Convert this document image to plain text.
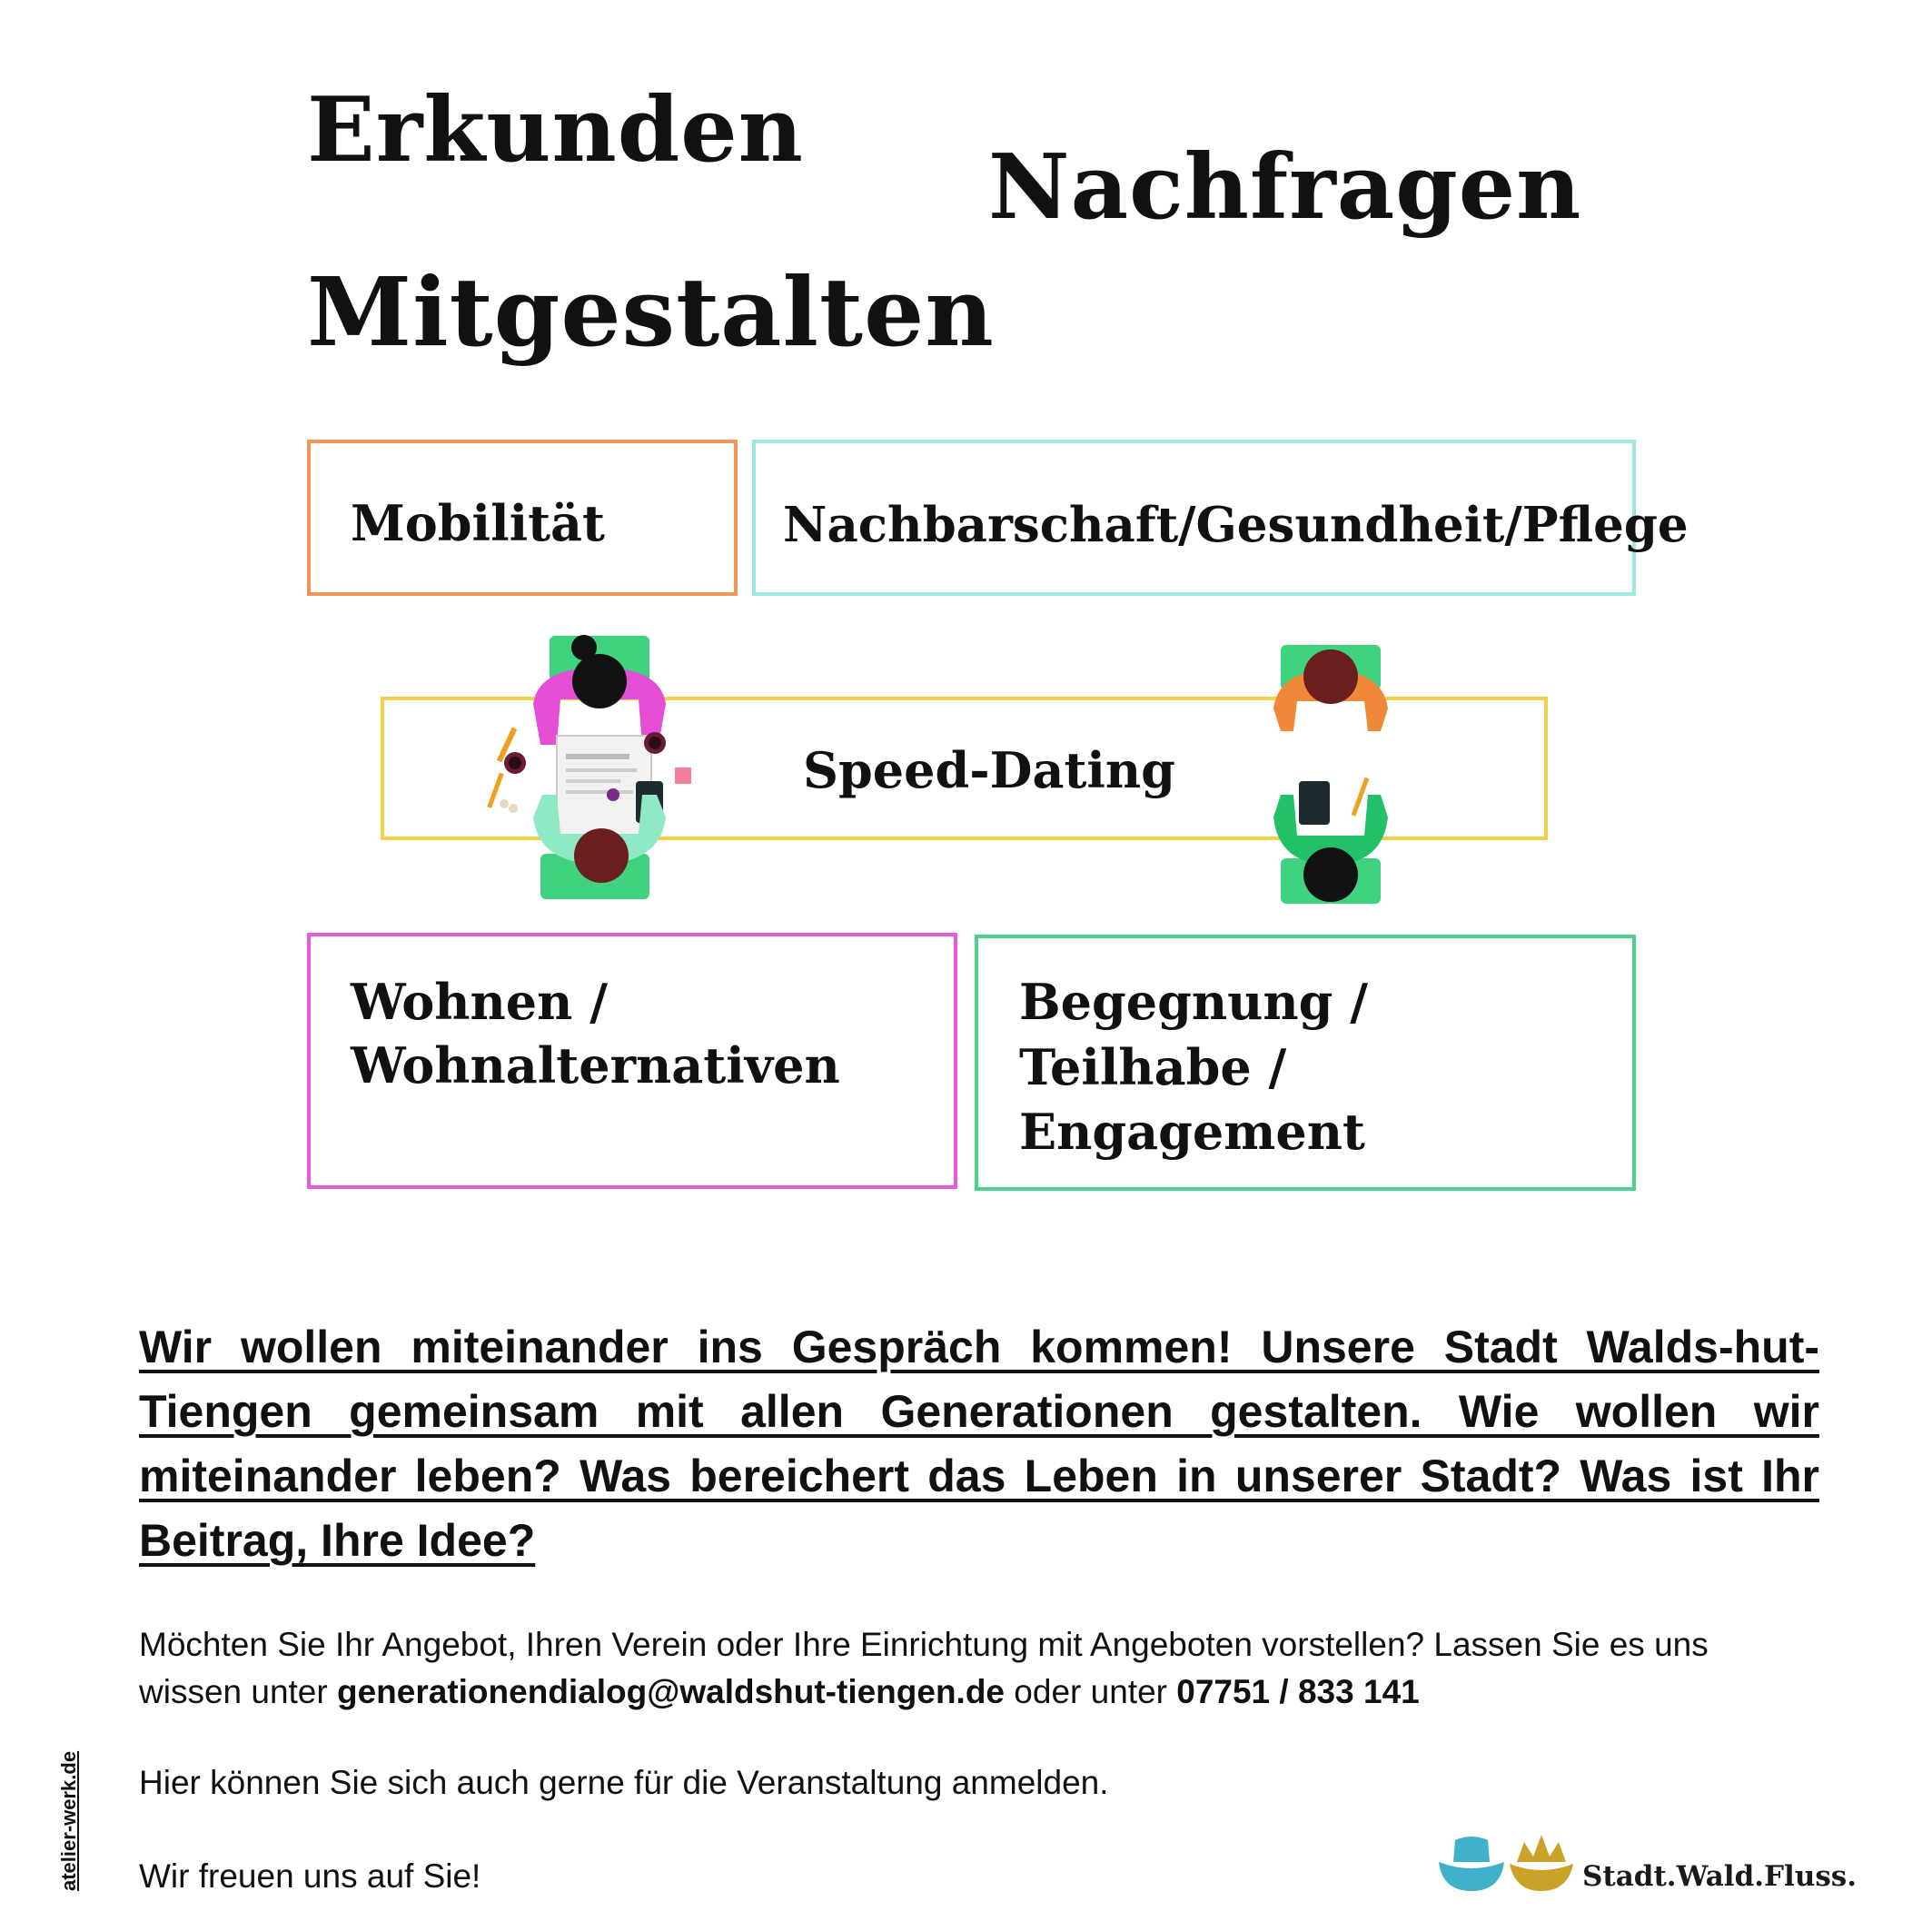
Erkunden
Nachfragen
Mitgestalten
Mobilität	Nachbarschaft/Gesundheit/Pflege
Speed-Dating
Wohnen /
Wohnalternativen
Begegnung /
Teilhabe /
Engagement
Wir wollen miteinander ins Gespräch kommen! Unsere Stadt Walds-hut-Tiengen gemeinsam mit allen Generationen gestalten. Wie wollen wir miteinander leben? Was bereichert das Leben in unserer Stadt? Was ist Ihr Beitrag, Ihre Idee?
Möchten Sie Ihr Angebot, Ihren Verein oder Ihre Einrichtung mit Angeboten vorstellen? Lassen Sie es uns wissen unter generationendialog@waldshut-tiengen.de oder unter 07751 / 833 141
Hier können Sie sich auch gerne für die Veranstaltung anmelden.
Wir freuen uns auf Sie!
atelier-werk.de	Stadt.Wald.Fluss.
